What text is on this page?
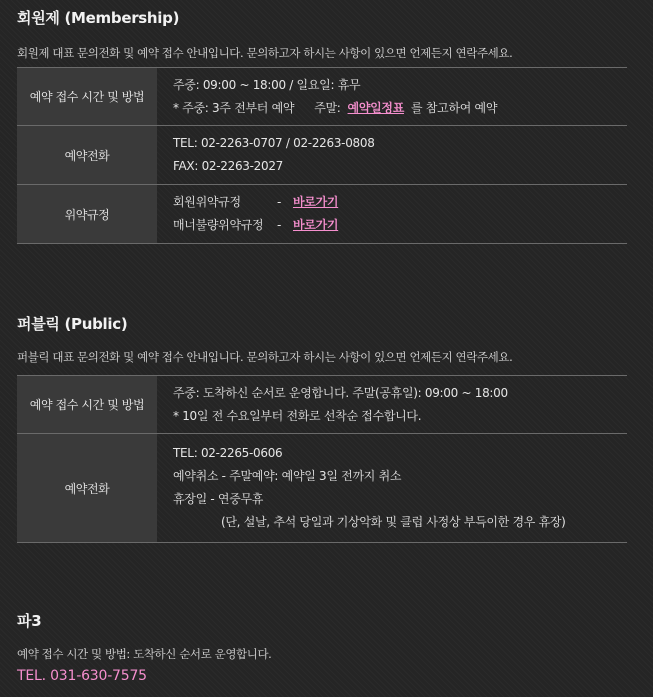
회원제 (Membership)
회원제 대표 문의전화 및 예약 접수 안내입니다. 문의하고자 하시는 사항이 있으면 언제든지 연락주세요.
예약 접수 시간 및 방법	주중: 09:00 ~ 18:00 / 일요일: 휴무
* 주중: 3주 전부터 예약 주말: 예약일정표 를 참고하여 예약

예약전화	TEL: 02-2263-0707 / 02-2263-0808
FAX: 02-2263-2027

위약규정	회원위약규정 - 바로가기
매너불량위약규정 - 바로가기
퍼블릭 (Public)
퍼블릭 대표 문의전화 및 예약 접수 안내입니다. 문의하고자 하시는 사항이 있으면 언제든지 연락주세요.
예약 접수 시간 및 방법	주중: 도착하신 순서로 운영합니다. 주말(공휴일): 09:00 ~ 18:00
* 10일 전 수요일부터 전화로 선착순 접수합니다.

예약전화	TEL: 02-2265-0606
예약취소 - 주말예약: 예약일 3일 전까지 취소
휴장일 - 연중무휴
(단, 설날, 추석 당일과 기상악화 및 클럽 사정상 부득이한 경우 휴장)
파3
예약 접수 시간 및 방법: 도착하신 순서로 운영합니다.
TEL. 031-630-7575
